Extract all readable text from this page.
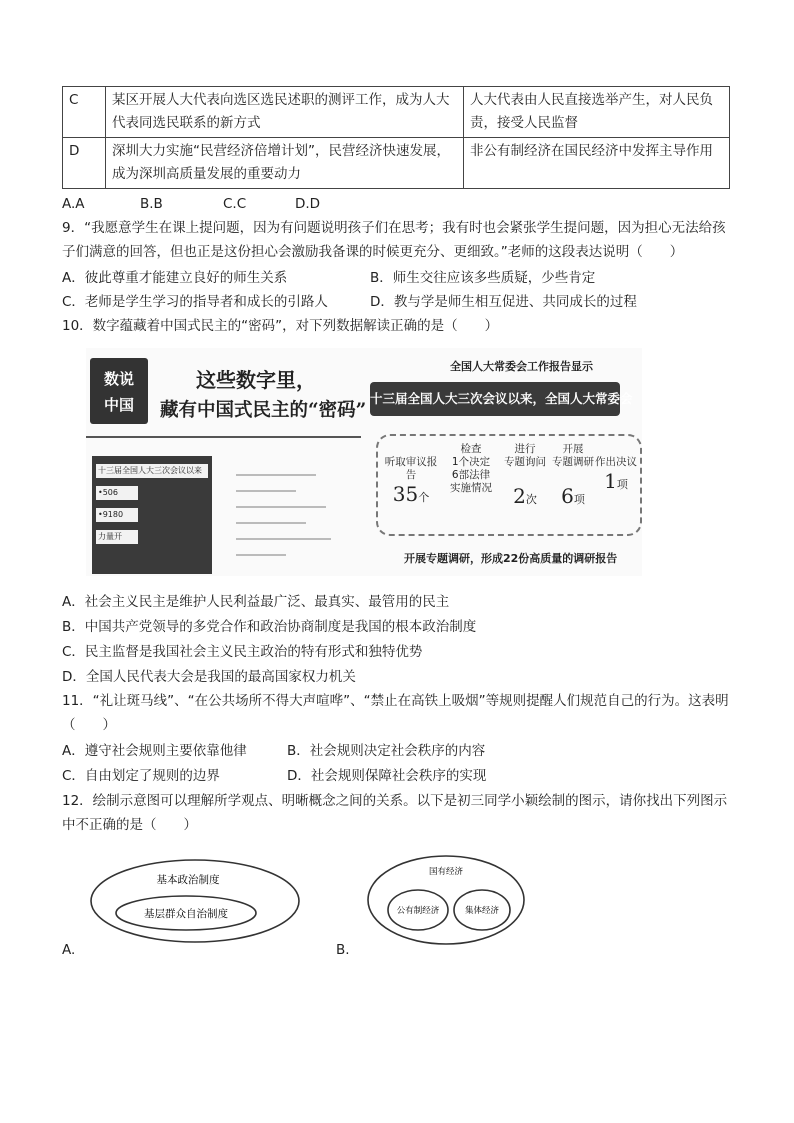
C	某区开展人大代表向选区选民述职的测评工作，成为人大代表同选民联系的新方式	人大代表由人民直接选举产生，对人民负责，接受人民监督
D	深圳大力实施“民营经济倍增计划”，民营经济快速发展，成为深圳高质量发展的重要动力	非公有制经济在国民经济中发挥主导作用
A.A	B.B	C.C	D.D
9．“我愿意学生在课上提问题，因为有问题说明孩子们在思考；我有时也会紧张学生提问题，因为担心无法给孩子们满意的回答，但也正是这份担心会激励我备课的时候更充分、更细致。”老师的这段表达说明（　　）
A．彼此尊重才能建立良好的师生关系	B．师生交往应该多些质疑，少些肯定
C．老师是学生学习的指导者和成长的引路人	D．教与学是师生相互促进、共同成长的过程
10．数字蕴藏着中国式民主的“密码”，对下列数据解读正确的是（　　）
数说
中国
这些数字里，
藏有中国式民主的“密码”
十三届全国人大三次会议以来
•506
•9180
力量开
全国人大常委会工作报告显示
十三届全国人大三次会议以来，全国人大常委会
听取审议报告
35个

检查
1个决定
6部法律
实施情况

进行
专题询问

2次

开展
专题调研

6项

作出决议
1项
开展专题调研，形成22份高质量的调研报告
A．社会主义民主是维护人民利益最广泛、最真实、最管用的民主
B．中国共产党领导的多党合作和政治协商制度是我国的根本政治制度
C．民主监督是我国社会主义民主政治的特有形式和独特优势
D．全国人民代表大会是我国的最高国家权力机关
11．“礼让斑马线”、“在公共场所不得大声喧哗”、“禁止在高铁上吸烟”等规则提醒人们规范自己的行为。这表明（　　）
A．遵守社会规则主要依靠他律	B．社会规则决定社会秩序的内容
C．自由划定了规则的边界	D．社会规则保障社会秩序的实现
12．绘制示意图可以理解所学观点、明晰概念之间的关系。以下是初三同学小颖绘制的图示，请你找出下列图示中不正确的是（　　）
基本政治制度
基层群众自治制度
A.
国有经济
公有制经济	集体经济
B.
